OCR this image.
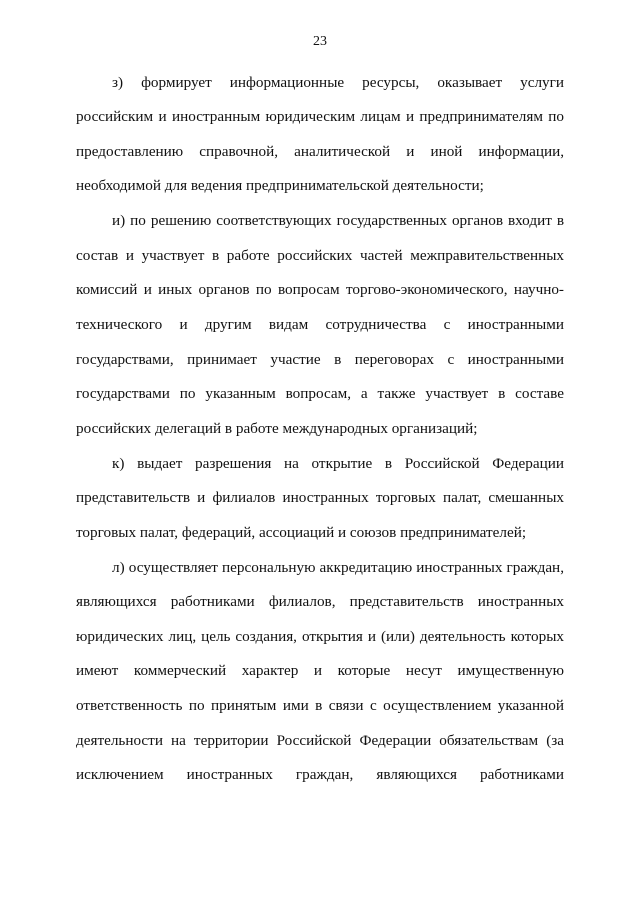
23
з) формирует информационные ресурсы, оказывает услуги
российским и иностранным юридическим лицам и предпринимателям по
предоставлению справочной, аналитической и иной информации,
необходимой для ведения предпринимательской деятельности;
и) по решению соответствующих государственных органов входит в
состав и участвует в работе российских частей межправительственных
комиссий и иных органов по вопросам торгово-экономического, научно-
технического и другим видам сотрудничества с иностранными
государствами, принимает участие в переговорах с иностранными
государствами по указанным вопросам, а также участвует в составе
российских делегаций в работе международных организаций;
к) выдает разрешения на открытие в Российской Федерации
представительств и филиалов иностранных торговых палат, смешанных
торговых палат, федераций, ассоциаций и союзов предпринимателей;
л) осуществляет персональную аккредитацию иностранных граждан,
являющихся работниками филиалов, представительств иностранных
юридических лиц, цель создания, открытия и (или) деятельность которых
имеют коммерческий характер и которые несут имущественную
ответственность по принятым ими в связи с осуществлением указанной
деятельности на территории Российской Федерации обязательствам (за
исключением иностранных граждан, являющихся работниками
